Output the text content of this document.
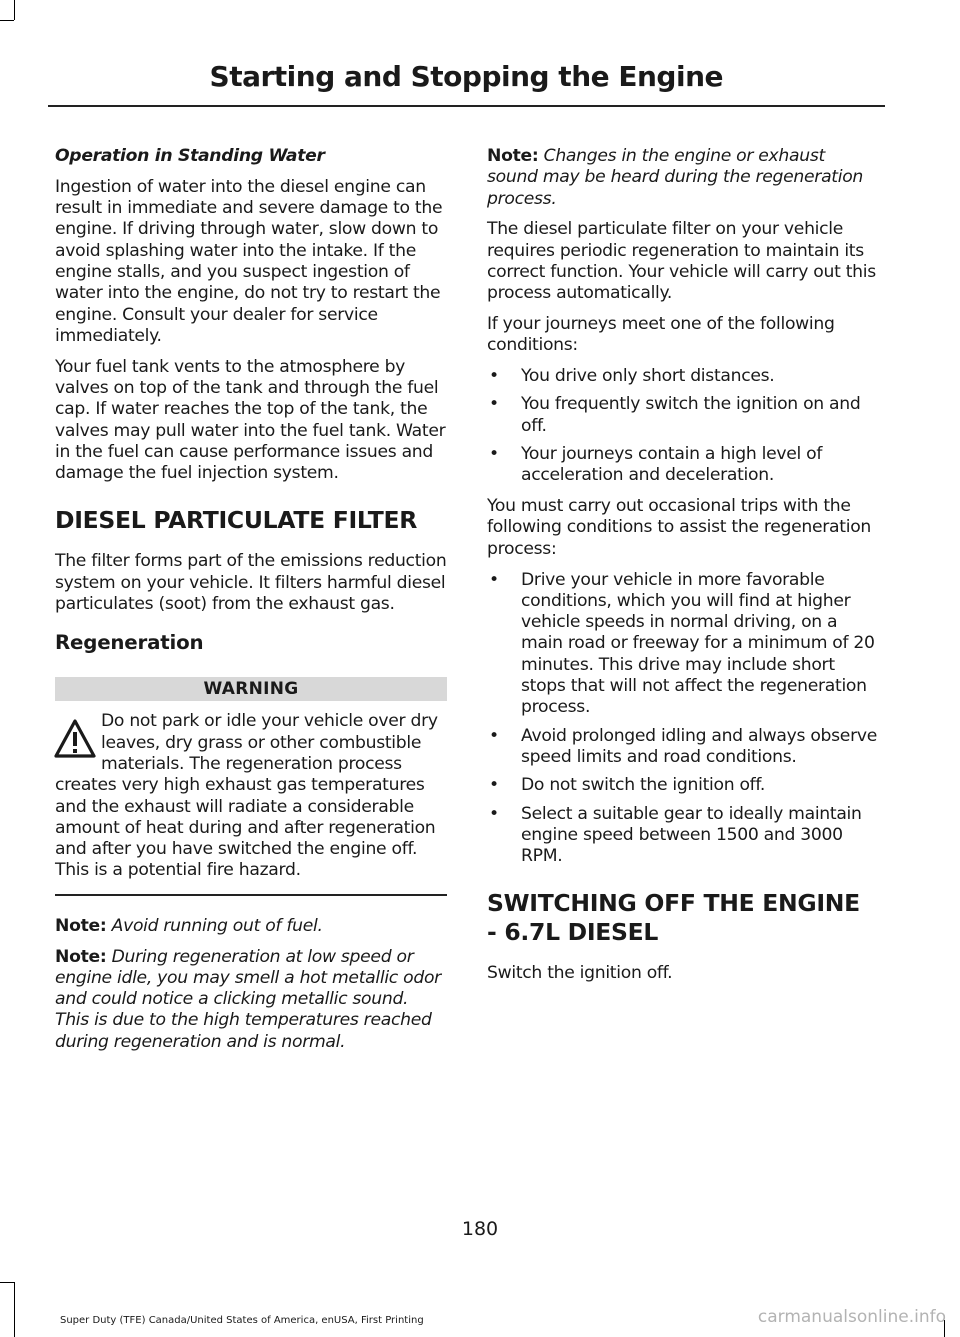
Starting and Stopping the Engine

Operation in Standing Water

Ingestion of water into the diesel engine can result in immediate and severe damage to the engine. If driving through water, slow down to avoid splashing water into the intake. If the engine stalls, and you suspect ingestion of water into the engine, do not try to restart the engine. Consult your dealer for service immediately.

Your fuel tank vents to the atmosphere by valves on top of the tank and through the fuel cap. If water reaches the top of the tank, the valves may pull water into the fuel tank. Water in the fuel can cause performance issues and damage the fuel injection system.

DIESEL PARTICULATE FILTER

The filter forms part of the emissions reduction system on your vehicle. It filters harmful diesel particulates (soot) from the exhaust gas.

Regeneration
WARNING
Do not park or idle your vehicle over dry leaves, dry grass or other combustible materials. The regeneration process creates very high exhaust gas temperatures and the exhaust will radiate a considerable amount of heat during and after regeneration and after you have switched the engine off. This is a potential fire hazard.

Note: Avoid running out of fuel.

Note: During regeneration at low speed or engine idle, you may smell a hot metallic odor and could notice a clicking metallic sound. This is due to the high temperatures reached during regeneration and is normal.

Note: Changes in the engine or exhaust sound may be heard during the regeneration process.

The diesel particulate filter on your vehicle requires periodic regeneration to maintain its correct function. Your vehicle will carry out this process automatically.

If your journeys meet one of the following conditions:

• You drive only short distances.
• You frequently switch the ignition on and off.
• Your journeys contain a high level of acceleration and deceleration.

You must carry out occasional trips with the following conditions to assist the regeneration process:

• Drive your vehicle in more favorable conditions, which you will find at higher vehicle speeds in normal driving, on a main road or freeway for a minimum of 20 minutes. This drive may include short stops that will not affect the regeneration process.
• Avoid prolonged idling and always observe speed limits and road conditions.
• Do not switch the ignition off.
• Select a suitable gear to ideally maintain engine speed between 1500 and 3000 RPM.
SWITCHING OFF THE ENGINE
- 6.7L DIESEL

Switch the ignition off.

180
Super Duty (TFE) Canada/United States of America, enUSA, First Printing	carmanualsonline.info
